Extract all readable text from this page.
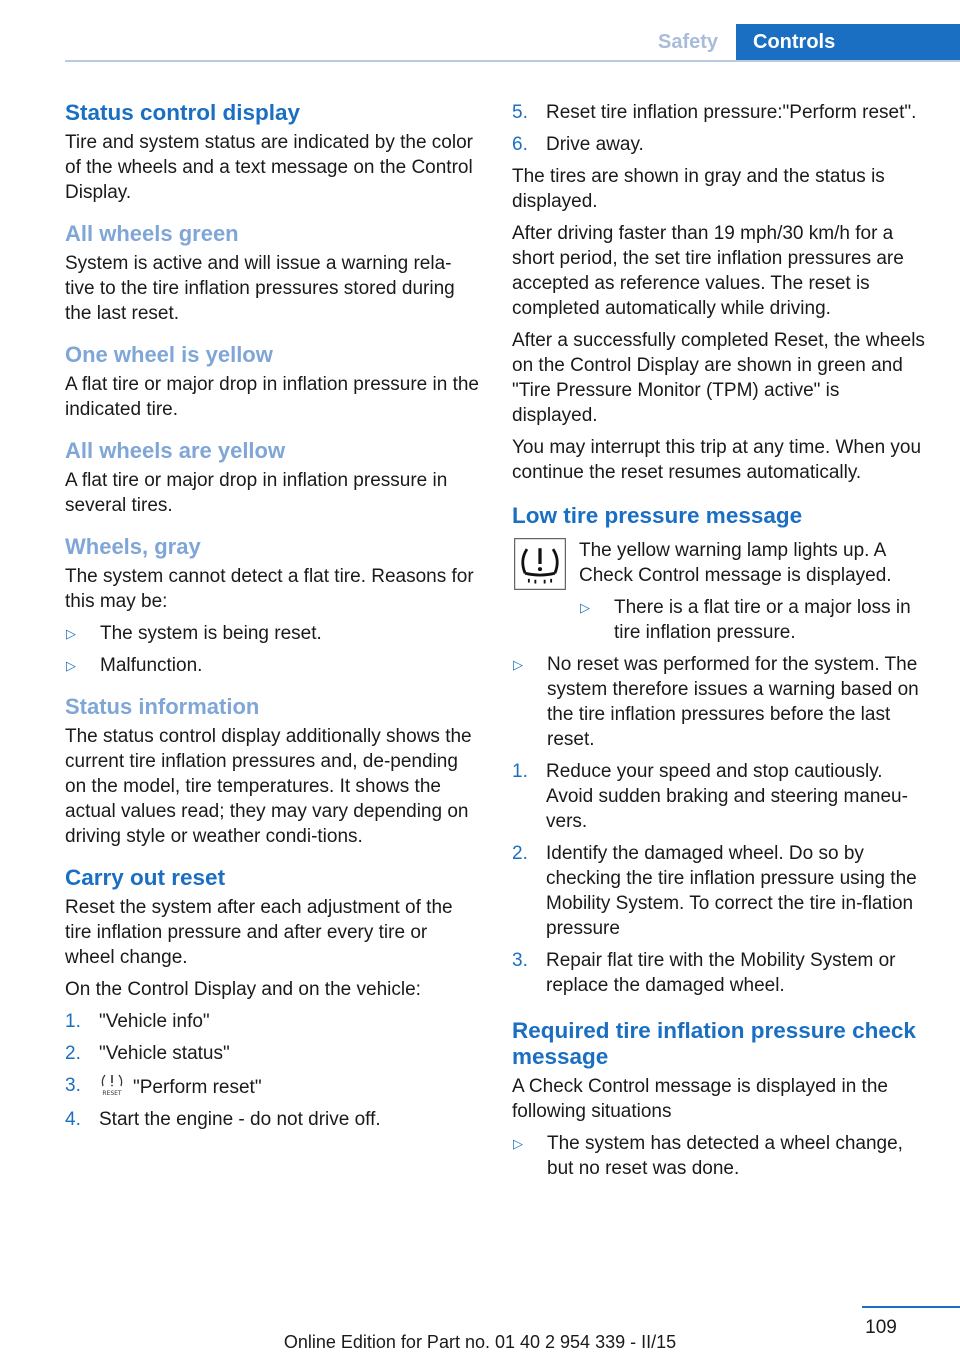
Safety	Controls
Status control display

Tire and system status are indicated by the color of the wheels and a text message on the Control Display.

All wheels green

System is active and will issue a warning rela‐tive to the tire inflation pressures stored during the last reset.

One wheel is yellow

A flat tire or major drop in inflation pressure in the indicated tire.

All wheels are yellow

A flat tire or major drop in inflation pressure in several tires.

Wheels, gray

The system cannot detect a flat tire. Reasons for this may be:

▷	The system is being reset.
▷	Malfunction.
Status information

The status control display additionally shows the current tire inflation pressures and, de‐pending on the model, tire temperatures. It shows the actual values read; they may vary depending on driving style or weather condi‐tions.

Carry out reset

Reset the system after each adjustment of the tire inflation pressure and after every tire or wheel change.

On the Control Display and on the vehicle:

1. "Vehicle info"
2. "Vehicle status"
3.	RESET "Perform reset"
4. Start the engine - do not drive off.
5. Reset tire inflation pressure:"Perform reset".
6. Drive away.

The tires are shown in gray and the status is displayed.

After driving faster than 19 mph/30 km/h for a short period, the set tire inflation pressures are accepted as reference values. The reset is completed automatically while driving.

After a successfully completed Reset, the wheels on the Control Display are shown in green and "Tire Pressure Monitor (TPM) active" is displayed.

You may interrupt this trip at any time. When you continue the reset resumes automatically.

Low tire pressure message

The yellow warning lamp lights up. A Check Control message is displayed.

▷	There is a flat tire or a major loss in tire inflation pressure.
▷	No reset was performed for the system. The system therefore issues a warning based on the tire inflation pressures before the last reset.
1. Reduce your speed and stop cautiously. Avoid sudden braking and steering maneu‐vers.
2. Identify the damaged wheel. Do so by checking the tire inflation pressure using the Mobility System. To correct the tire in‐flation pressure
3. Repair flat tire with the Mobility System or replace the damaged wheel.
Required tire inflation pressure check message

A Check Control message is displayed in the following situations

▷	The system has detected a wheel change, but no reset was done.
109
Online Edition for Part no. 01 40 2 954 339 - II/15
